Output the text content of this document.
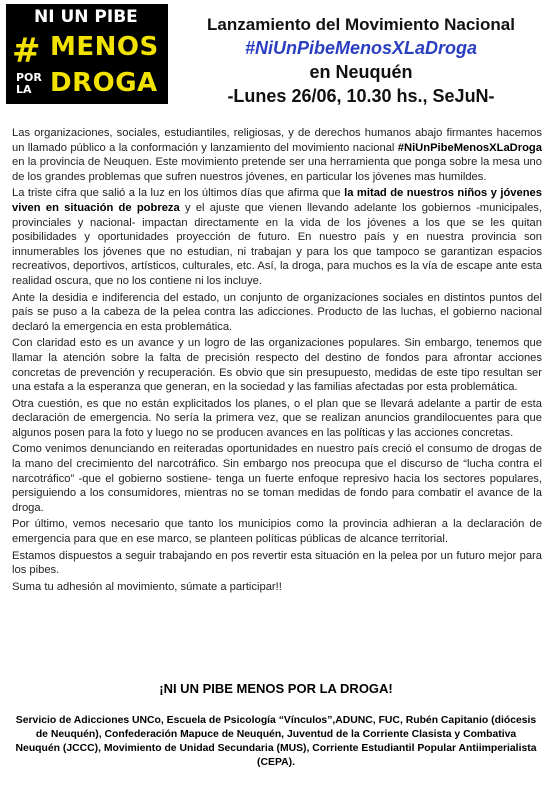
NI UN PIBE
# MENOS
POR LA DROGA
Lanzamiento del Movimiento Nacional
#NiUnPibeMenosXLaDroga
en Neuquén
-Lunes 26/06, 10.30 hs., SeJuN-

Las organizaciones, sociales, estudiantiles, religiosas, y de derechos humanos abajo firmantes hacemos un llamado público a la conformación y lanzamiento del movimiento nacional #NiUnPibeMenosXLaDroga en la provincia de Neuquen. Este movimiento pretende ser una herramienta que ponga sobre la mesa uno de los grandes problemas que sufren nuestros jóvenes, en particular los jóvenes mas humildes.

La triste cifra que salió a la luz en los últimos días que afirma que la mitad de nuestros niños y jóvenes viven en situación de pobreza y el ajuste que vienen llevando adelante los gobiernos -municipales, provinciales y nacional- impactan directamente en la vida de los jóvenes a los que se les quitan posibilidades y oportunidades proyección de futuro. En nuestro país y en nuestra provincia son innumerables los jóvenes que no estudian, ni trabajan y para los que tampoco se garantizan espacios recreativos, deportivos, artísticos, culturales, etc. Así, la droga, para muchos es la vía de escape ante esta realidad oscura, que no los contiene ni los incluye.

Ante la desidia e indiferencia del estado, un conjunto de organizaciones sociales en distintos puntos del país se puso a la cabeza de la pelea contra las adicciones. Producto de las luchas, el gobierno nacional declaró la emergencia en esta problemática.

Con claridad esto es un avance y un logro de las organizaciones populares. Sin embargo, tenemos que llamar la atención sobre la falta de precisión respecto del destino de fondos para afrontar acciones concretas de prevención y recuperación. Es obvio que sin presupuesto, medidas de este tipo resultan ser una estafa a la esperanza que generan, en la sociedad y las familias afectadas por esta problemática.

Otra cuestión, es que no están explicitados los planes, o el plan que se llevará adelante a partir de esta declaración de emergencia. No sería la primera vez, que se realizan anuncios grandilocuentes para que algunos posen para la foto y luego no se producen avances en las políticas y las acciones concretas.

Como venimos denunciando en reiteradas oportunidades en nuestro país creció el consumo de drogas de la mano del crecimiento del narcotráfico. Sin embargo nos preocupa que el discurso de “lucha contra el narcotráfico” -que el gobierno sostiene- tenga un fuerte enfoque represivo hacia los sectores populares, persiguiendo a los consumidores, mientras no se toman medidas de fondo para combatir el avance de la droga.

Por último, vemos necesario que tanto los municipios como la provincia adhieran a la declaración de emergencia para que en ese marco, se planteen políticas públicas de alcance territorial.

Estamos dispuestos a seguir trabajando en pos revertir esta situación en la pelea por un futuro mejor para los pibes.

Suma tu adhesión al movimiento, súmate a participar!!

¡NI UN PIBE MENOS POR LA DROGA!
Servicio de Adicciones UNCo, Escuela de Psicología “Vínculos”,ADUNC, FUC, Rubén Capitanio (diócesis de Neuquén), Confederación Mapuce de Neuquén, Juventud de la Corriente Clasista y Combativa Neuquén (JCCC), Movimiento de Unidad Secundaria (MUS), Corriente Estudiantil Popular Antiimperialista (CEPA).
